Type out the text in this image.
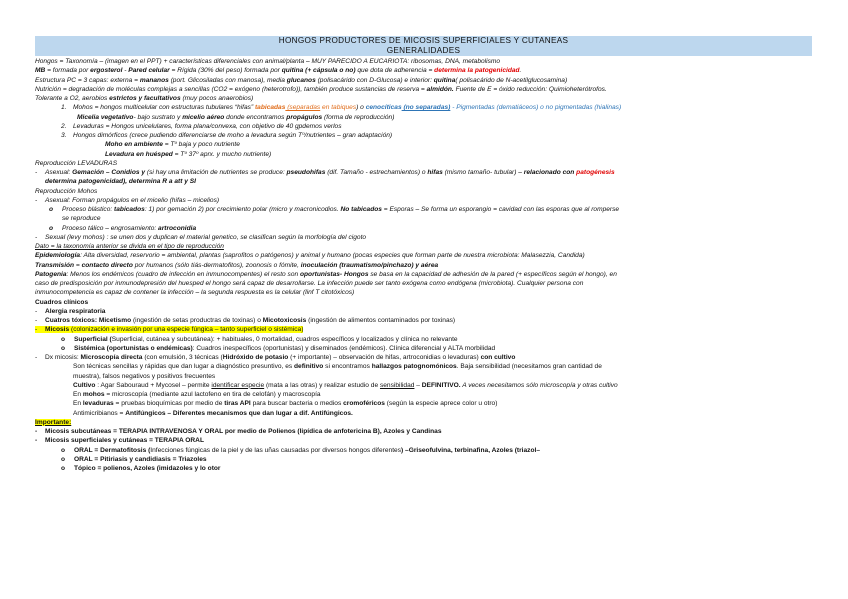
HONGOS PRODUCTORES DE MICOSIS SUPERFICIALES Y CUTANEAS
GENERALIDADES
Hongos = Taxonomía – (imagen en el PPT) + características diferenciales con animal/planta – MUY PARECIDO A EUCARIOTA: ribosomas, DNA, metabolismo
MB = formada por ergosterol - Pared celular = Rígida (30% del peso) formada por quitina (+ cápsula o no) que dota de adherencia = determina la patogenicidad.
Estructura PC = 3 capas: externa = mananos (port. Glicosiladas con manosa), media glucanos (polisacárido con D-Glucosa) e interior: quitina( polisacárido de N-acetilglucosamina)
Nutrición = degradación de moléculas complejas a sencillas (CO2 = exógeno (heterotrofo)), también produce sustancias de reserva = almidón. Fuente de E = óxido reducción: Quimioheterótrofos.
Tolerante a O2, aerobios estrictos y facultativos (muy pocos anaerobios)
1. Mohos = hongos multicelular con estructuras tubulares “hifas” tabicadas (separadas en tabiques) o cenocíticas (no separadas) - Pigmentadas (dematiáceos) o no pigmentadas (hialinas)
Micelia vegetativo- bajo sustrato y micelio aéreo donde encontramos propágulos (forma de reproducción)
2. Levaduras = Hongos unicelulares, forma plana/convexa, con objetivo de 40 gpdemos verlos
3. Hongos dimórficos (crece pudiendo diferenciarse de moho a levadura según Tº/nutrientes – gran adaptación)
Moho en ambiente = Tº baja y poco nutriente
Levadura en huésped = Tº 37º aprx. y mucho nutriente)
Reproducción LEVADURAS
- Asexual: Gemación – Conidios y (si hay una limitación de nutrientes se produce: pseudohifas (dif. Tamaño - estrechamientos) o hifas (mismo tamaño- tubular) – relacionado con patogénesis
determina patogenicidad), determina R a att y SI
Reproducción Mohos
- Asexual: Forman propágulos en el micelio (hifas – micelios)
o Proceso blástico: tabicados: 1) por gemación 2) por crecimiento polar (micro y macronicodios. No tabicados = Esporas – Se forma un esporangio = cavidad con las esporas que al romperse
se reproduce
o Proceso tálico – engrosamiento: artroconidia
- Sexual (levy mohos) : se unen dos y duplican el material genetico, se clasifican según la morfología del cigoto
Dato = la taxonomía anterior se divida en el tipo de reproducción
Epidemiología: Alta diversidad, reservorio = ambiental, plantas (saprofitos o patógenos) y animal y humano (pocas especies que forman parte de nuestra microbiota: Malasezzia, Candida)
Transmisión = contacto directo por humanos (sólo tiás-dermatofitos), zoonosis o fómite, inoculación (traumatismo/pinchazo) y aérea
Patogenia: Menos los endémicos (cuadro de infección en inmunocompentes) el resto son oportunistas- Hongos se basa en la capacidad de adhesión de la pared (+ específicos según el hongo), en
caso de predisposición por inmunodepresión del huesped el hongo será capaz de desarrollarse. La infección puede ser tanto exógena como endógena (microbiota). Cualquier persona con
inmunocompetencia es capaz de contener la infección – la segunda respuesta es la celular (linf T citotóxicos)
Cuadros clínicos
- Alergia respiratoria
- Cuatros tóxicos: Micetismo (ingestión de setas productras de toxinas) o Micotoxicosis (ingestión de alimentos contaminados por toxinas)
- Micosis (colonización e invasión por una especie fúngica – tanto superficiel o sistémica)
o Superficial (Superficial, cutánea y subcutánea): + habituales, 0 mortalidad, cuadros específicos y localizados y clínica no relevante
o Sistémica (oportunistas o endémicas): Cuadros inespecíficos (oportunistas) y diseminados (endémicos). Clínica diferencial y ALTA morbilidad
- Dx micosis: Microscopía directa (con emulsión, 3 técnicas (Hidróxido de potasio (+ importante) – observación de hifas, artroconidias o levaduras) con cultivo
Son técnicas sencillas y rápidas que dan lugar a diagnóstico presuntivo, es definitivo si encontramos hallazgos patognomónicos. Baja sensibilidad (necesitamos gran cantidad de
muestra), falsos negativos y positivos frecuentes
Cultivo : Agar Sabouraud + Mycosel – permite identificar especie (mata a las otras) y realizar estudio de sensibilidad – DEFINITIVO. A veces necesitamos sólo microscopía y otras cultivo
En mohos = microscopía (mediante azul lactofeno en tira de celofán) y macroscopía
En levaduras = pruebas bioquímicas por medio de tiras API para buscar bacteria o medios cromoféricos (según la especie aprece color u otro)
Antimicribianos = Antifúngicos – Diferentes mecanismos que dan lugar a dif. Antifúngicos.
Importante:
- Micosis subcutáneas = TERAPIA INTRAVENOSA Y ORAL por medio de Polienos (lipídica de anfotericina B), Azoles y Candinas
- Micosis superficiales y cutáneas = TERAPIA ORAL
o ORAL = Dermatofitosis (Infecciones fúngicas de la piel y de las uñas causadas por diversos hongos diferentes) –Griseofulvina, terbinafina, Azoles (triazol–
o ORAL = Pitiriasis y candidiasis = Triazoles
o Tópico = polienos, Azoles (imidazoles y lo otor
